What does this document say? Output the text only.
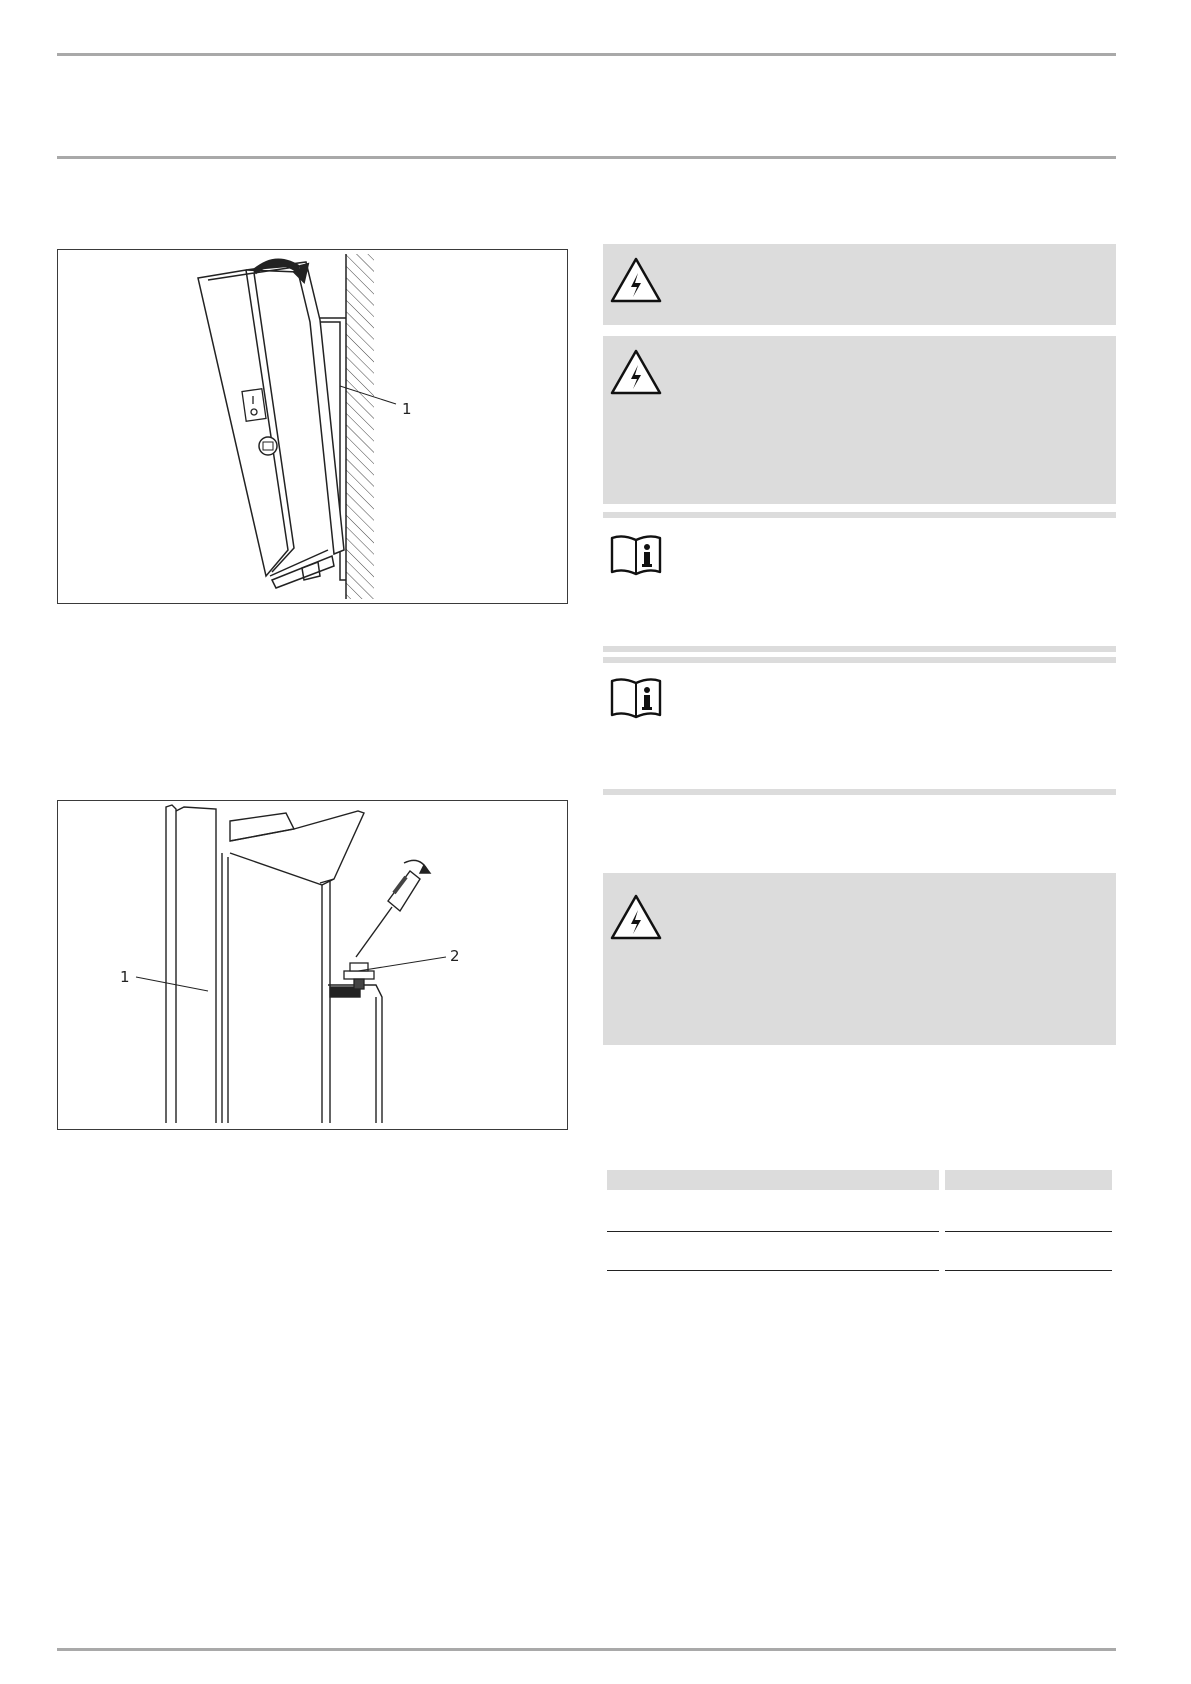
1
1
2
